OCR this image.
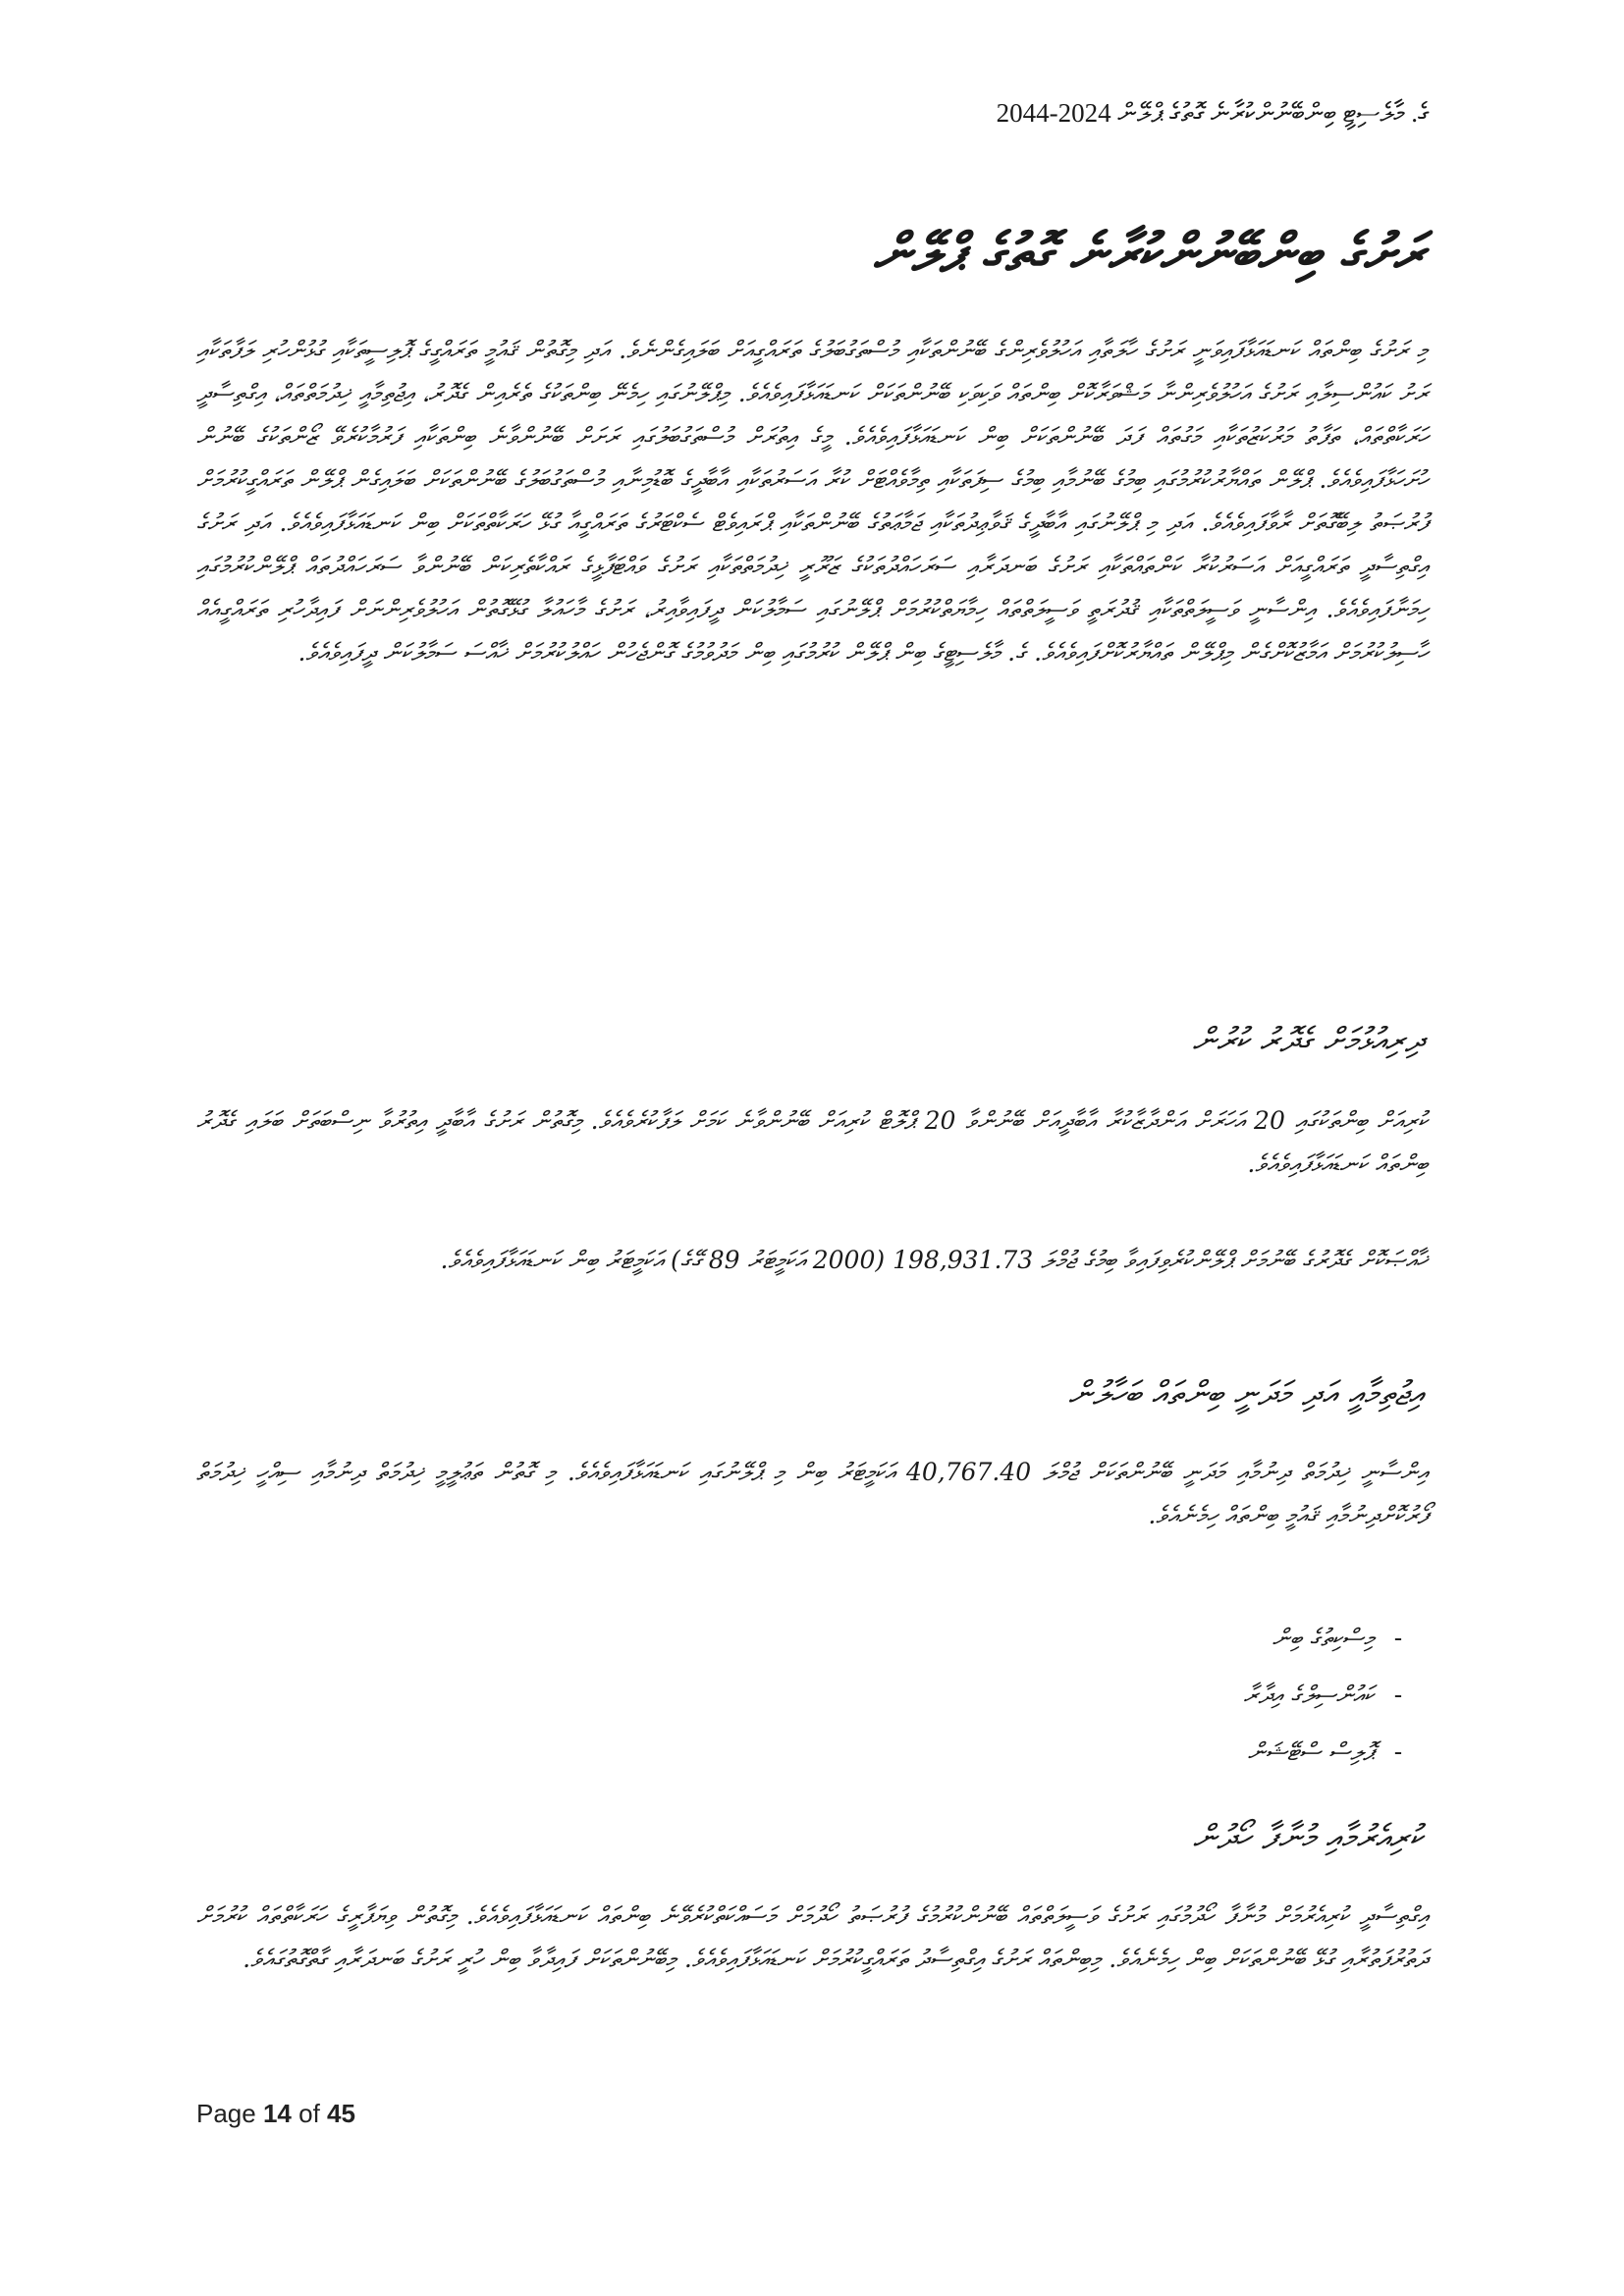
ގެ. މާލެސިޓީ ބިންބޭނުންކުރާނެ ގޮތުގެ ޕްލޭން 2024-2044
ރަށުގެ ބިންބޭނުންކުރާނެ ގޮތުގެ ޕްލޭން
މި ރަށުގެ ބިންތައް ކަނޑައަޅާފައިވަނީ ރަށުގެ ހާލަތާއި އަހުލުވެރިންގެ ބޭނުންތަކާއި މުސްތަގުބަލުގެ ތަރައްގީއަށް ބަލައިގެންނެވެ. އަދި މިގޮތުން ޤައުމީ ތަރައްގީގެ ޕޮލިސީތަކާއި ގުޅުންހުރި ލަފާތަކާއި ރަށު ކައުންސިލާއި ރަށުގެ އަހުލުވެރިންނާ މަޝްވަރާކޮށް ބިންތައް ވަކިވަކި ބޭނުންތަކަށް ކަނޑައަޅާފައިވެއެވެ. މިޕްލޭނުގައި ހިމެނޭ ބިންތަކުގެ ތެރެއިން ގެދޮރު، އިޖުތިމާއީ ޚިދުމަތްތައް، އިގްތިސާދީ ހަރަކާތްތައް، ތަފާތު މަރުކަޒުތަކާއި މަގުތައް ފަދަ ބޭނުންތަކަށް ބިން ކަނޑައަޅާފައިވެއެވެ. މީގެ އިތުރަށް މުސްތަގުބަލުގައި ރަށަށް ބޭނުންވާނެ ބިންތަކާއި ފަރުމާކުރެވޭ ޒޯންތަކުގެ ބޭނުން ހުށަހަޅާފައިވެއެވެ. ޕްލޭން ތައްޔާރުކުރުމުގައި ބިމުގެ ބޭނުމާއި ބިމުގެ ސިފަތަކާއި ތިމާވެއްޓަށް ކުރާ އަސަރުތަކާއި އާބާދީގެ ބޮޑުމިނާއި މުސްތަގުބަލުގެ ބޭނުންތަކަށް ބަލައިގެން ޕްލޭން ތަރައްގީކުރުމަށް ފުރުޞަތު ލިބޭގޮތަށް ރާވާފައިވެއެވެ. އަދި މި ޕްލޭނުގައި އާބާދީގެ ޤަވާޢިދުތަކާއި ޖަމާޢަތުގެ ބޭނުންތަކާއި ޕްރައިވެޓް ސެކްޓަރުގެ ތަރައްގީއާ ގުޅޭ ހަރަކާތްތަކަށް ބިން ކަނޑައަޅާފައިވެއެވެ. އަދި ރަށުގެ އިގްތިސާދީ ތަރައްގީއަށް އަސަރުކުރާ ކަންތައްތަކާއި ރަށުގެ ބަނދަރާއި ސަރަހައްދުތަކުގެ ޒަރޫރީ ޚިދުމަތްތަކާއި ރަށުގެ ވައްޓަފާޅީގެ ރައްކާތެރިކަން ބޭނުންވާ ސަރަހައްދުތައް ޕްލޭންކުރުމުގައި ހިމަނާފައިވެއެވެ. އިންސާނީ ވަސީލަތްތަކާއި ޤުދުރަތީ ވަސީލަތްތައް ހިމާޔަތްކުރުމަށް ޕްލޭނުގައި ސަމާލުކަން ދީފައިވާއިރު، ރަށުގެ މާހައުލާ ގުޅޭގޮތުން އަހުލުވެރިންނަށް ފައިދާހުރި ތަރައްގީއެއް ހާސިލުކުރުމަށް އަމާޒުކޮށްގެން މިޕްލޭން ތައްޔާރުކޮށްފައިވެއެވެ. ގެ. މާލެސިޓީގެ ބިން ޕްލޭން ކުރުމުގައި ބިން މަދުވުމުގެ ގޮންޖެހުން ހައްލުކުރުމަށް ޚާއްސަ ސަމާލުކަން ދީފައިވެއެވެ.
ދިރިއުޅުމަށް ގެދޮރު ކުރުން
ކުރިއަށް ބިންތަކުގައި 20 އަހަރަށް އަންދާޒާކުރާ އާބާދީއަށް ބޭނުންވާ 20 ޕްލޮޓް ކުރިއަށް ބޭނުންވާނެ ކަމަށް ލަފާކުރެވެއެވެ. މިގޮތުން ރަށުގެ އާބާދީ އިތުރުވާ ނިސްބަތަށް ބަލައި ގެދޮރު ބިންތައް ކަނޑައަޅާފައިވެއެވެ.
ޚާއްޞަކޮށް ގެދޮރުގެ ބޭނުމަށް ޕްލޭންކުރެވިފައިވާ ބިމުގެ ޖުމްލަ 198,931.73 (2000 އަކަމީޓަރު 89 ގޭގެ) އަކަމީޓަރު ބިން ކަނޑައަޅާފައިވެއެވެ.
އިޖުތިމާއީ އަދި މަދަނީ ބިންތައް ބަހާލުން
އިންސާނީ ޚިދުމަތް ދިނުމާއި މަދަނީ ބޭނުންތަކަށް ޖުމްލަ 40,767.40 އަކަމީޓަރު ބިން މި ޕްލޭނުގައި ކަނޑައަޅާފައިވެއެވެ. މި ގޮތުން ތަޢުލީމީ ޚިދުމަތް ދިނުމާއި ސިއްހީ ޚިދުމަތް ފޯރުކޮށްދިނުމާއި ޤައުމީ ބިންތައް ހިމެނެއެވެ.
-މިސްކިތުގެ ބިން
-ކައުންސިލްގެ އިދާރާ
-ޕޮލިސް ސްޓޭޝަން
ކުރިއެރުމާއި މުނާފާ ހޯދުން
އިގްތިސާދީ ކުރިއެރުމަށް މުނާފާ ހޯދުމުގައި ރަށުގެ ވަސީލަތްތައް ބޭނުންކުރުމުގެ ފުރުޞަތު ހޯދުމަށް މަސައްކަތްކުރެވޭނެ ބިންތައް ކަނޑައަޅާފައިވެއެވެ. މިގޮތުން ވިޔަފާރީގެ ހަރަކާތްތައް ކުރުމަށް ދަތުރުފަތުރާއި ގުޅޭ ބޭނުންތަކަށް ބިން ހިމެނެއެވެ. މިބިންތައް ރަށުގެ އިގްތިސާދު ތަރައްގީކުރުމަށް ކަނޑައަޅާފައިވެއެވެ. މިބޭނުންތަކަށް ފައިދާވާ ބިން ހުރީ ރަށުގެ ބަނދަރާއި ގާތްގޮތުގައެވެ.
Page 14 of 45
